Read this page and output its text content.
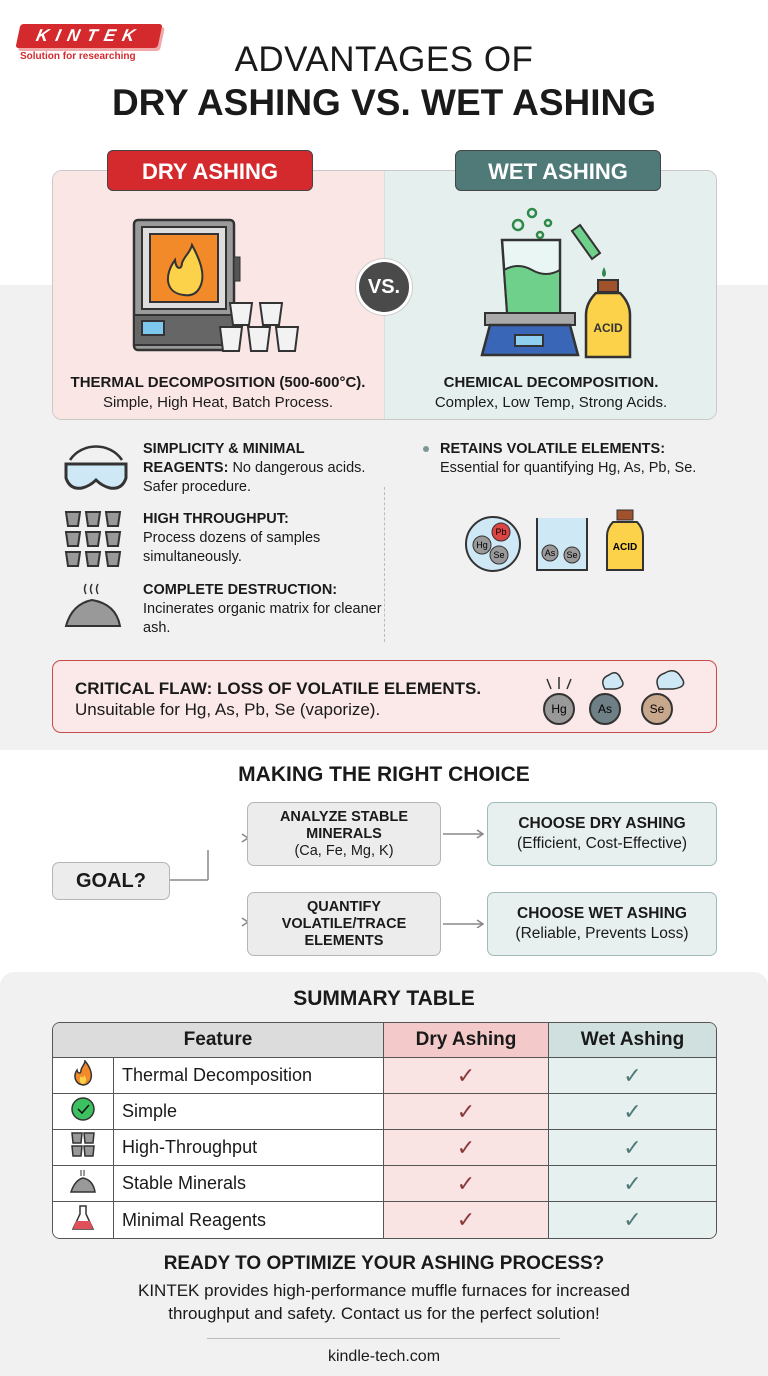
KINTEK
Solution for researching	ADVANTAGES OF
DRY ASHING VS. WET ASHING
DRY ASHING	WET ASHING
VS.
ACID
THERMAL DECOMPOSITION (500-600°C).
Simple, High Heat, Batch Process.
CHEMICAL DECOMPOSITION.
Complex, Low Temp, Strong Acids.
SIMPLICITY & MINIMAL REAGENTS: No dangerous acids. Safer procedure.
HIGH THROUGHPUT:
Process dozens of samples simultaneously.
COMPLETE DESTRUCTION:
Incinerates organic matrix for cleaner ash.
RETAINS VOLATILE ELEMENTS:
Essential for quantifying Hg, As, Pb, Se.
Pb
Hg
Se	As Se
ACID
CRITICAL FLAW: LOSS OF VOLATILE ELEMENTS.
Unsuitable for Hg, As, Pb, Se (vaporize).	Hg	As	Se
MAKING THE RIGHT CHOICE
GOAL?
ANALYZE STABLE MINERALS
(Ca, Fe, Mg, K)
QUANTIFY VOLATILE/TRACE ELEMENTS
CHOOSE DRY ASHING
(Efficient, Cost-Effective)
CHOOSE WET ASHING
(Reliable, Prevents Loss)
SUMMARY TABLE
Feature		Dry Ashing	Wet Ashing
	Thermal Decomposition	✓	✓
	Simple	✓	✓
	High-Throughput	✓	✓
	Stable Minerals	✓	✓
	Minimal Reagents	✓	✓
READY TO OPTIMIZE YOUR ASHING PROCESS?
KINTEK provides high-performance muffle furnaces for increased
throughput and safety. Contact us for the perfect solution!
kindle-tech.com
